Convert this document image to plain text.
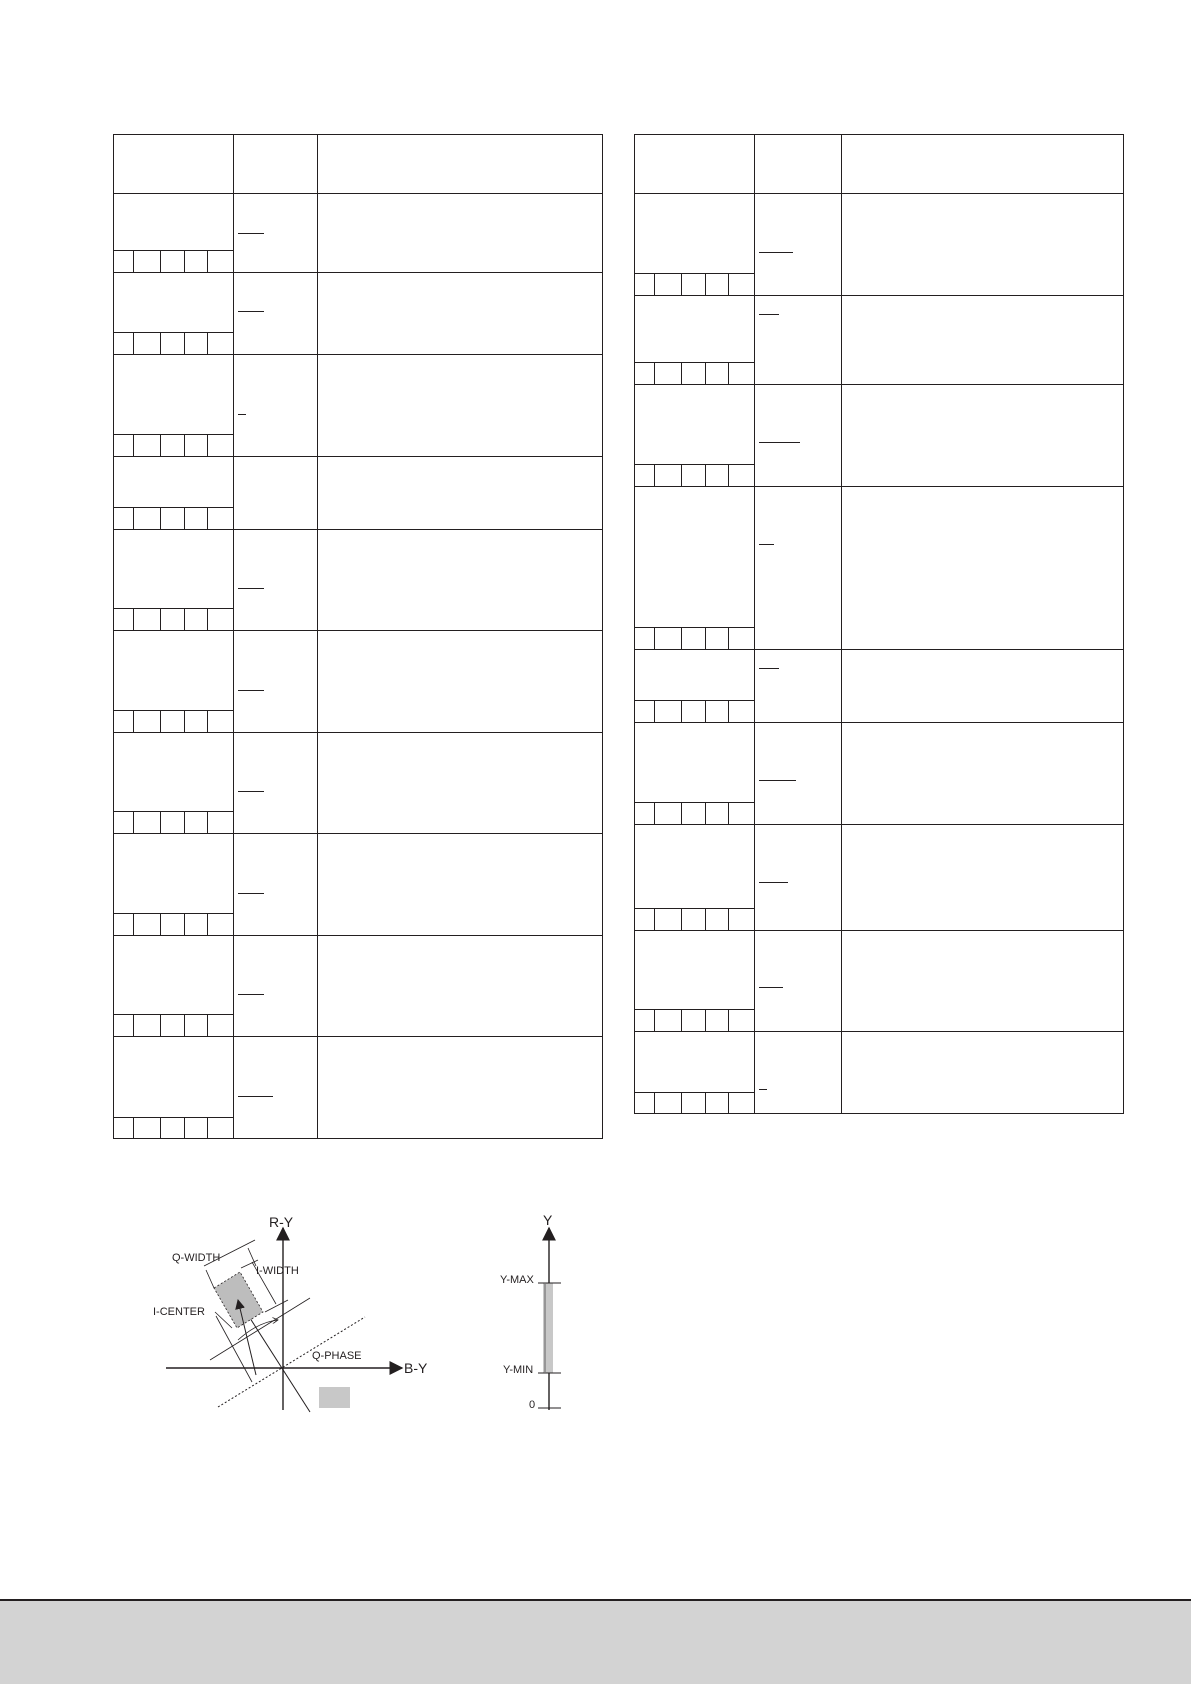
R-Y
B-Y
Q-WIDTH
I-WIDTH
I-CENTER
Q-PHASE
Y
Y-MAX
Y-MIN
0
